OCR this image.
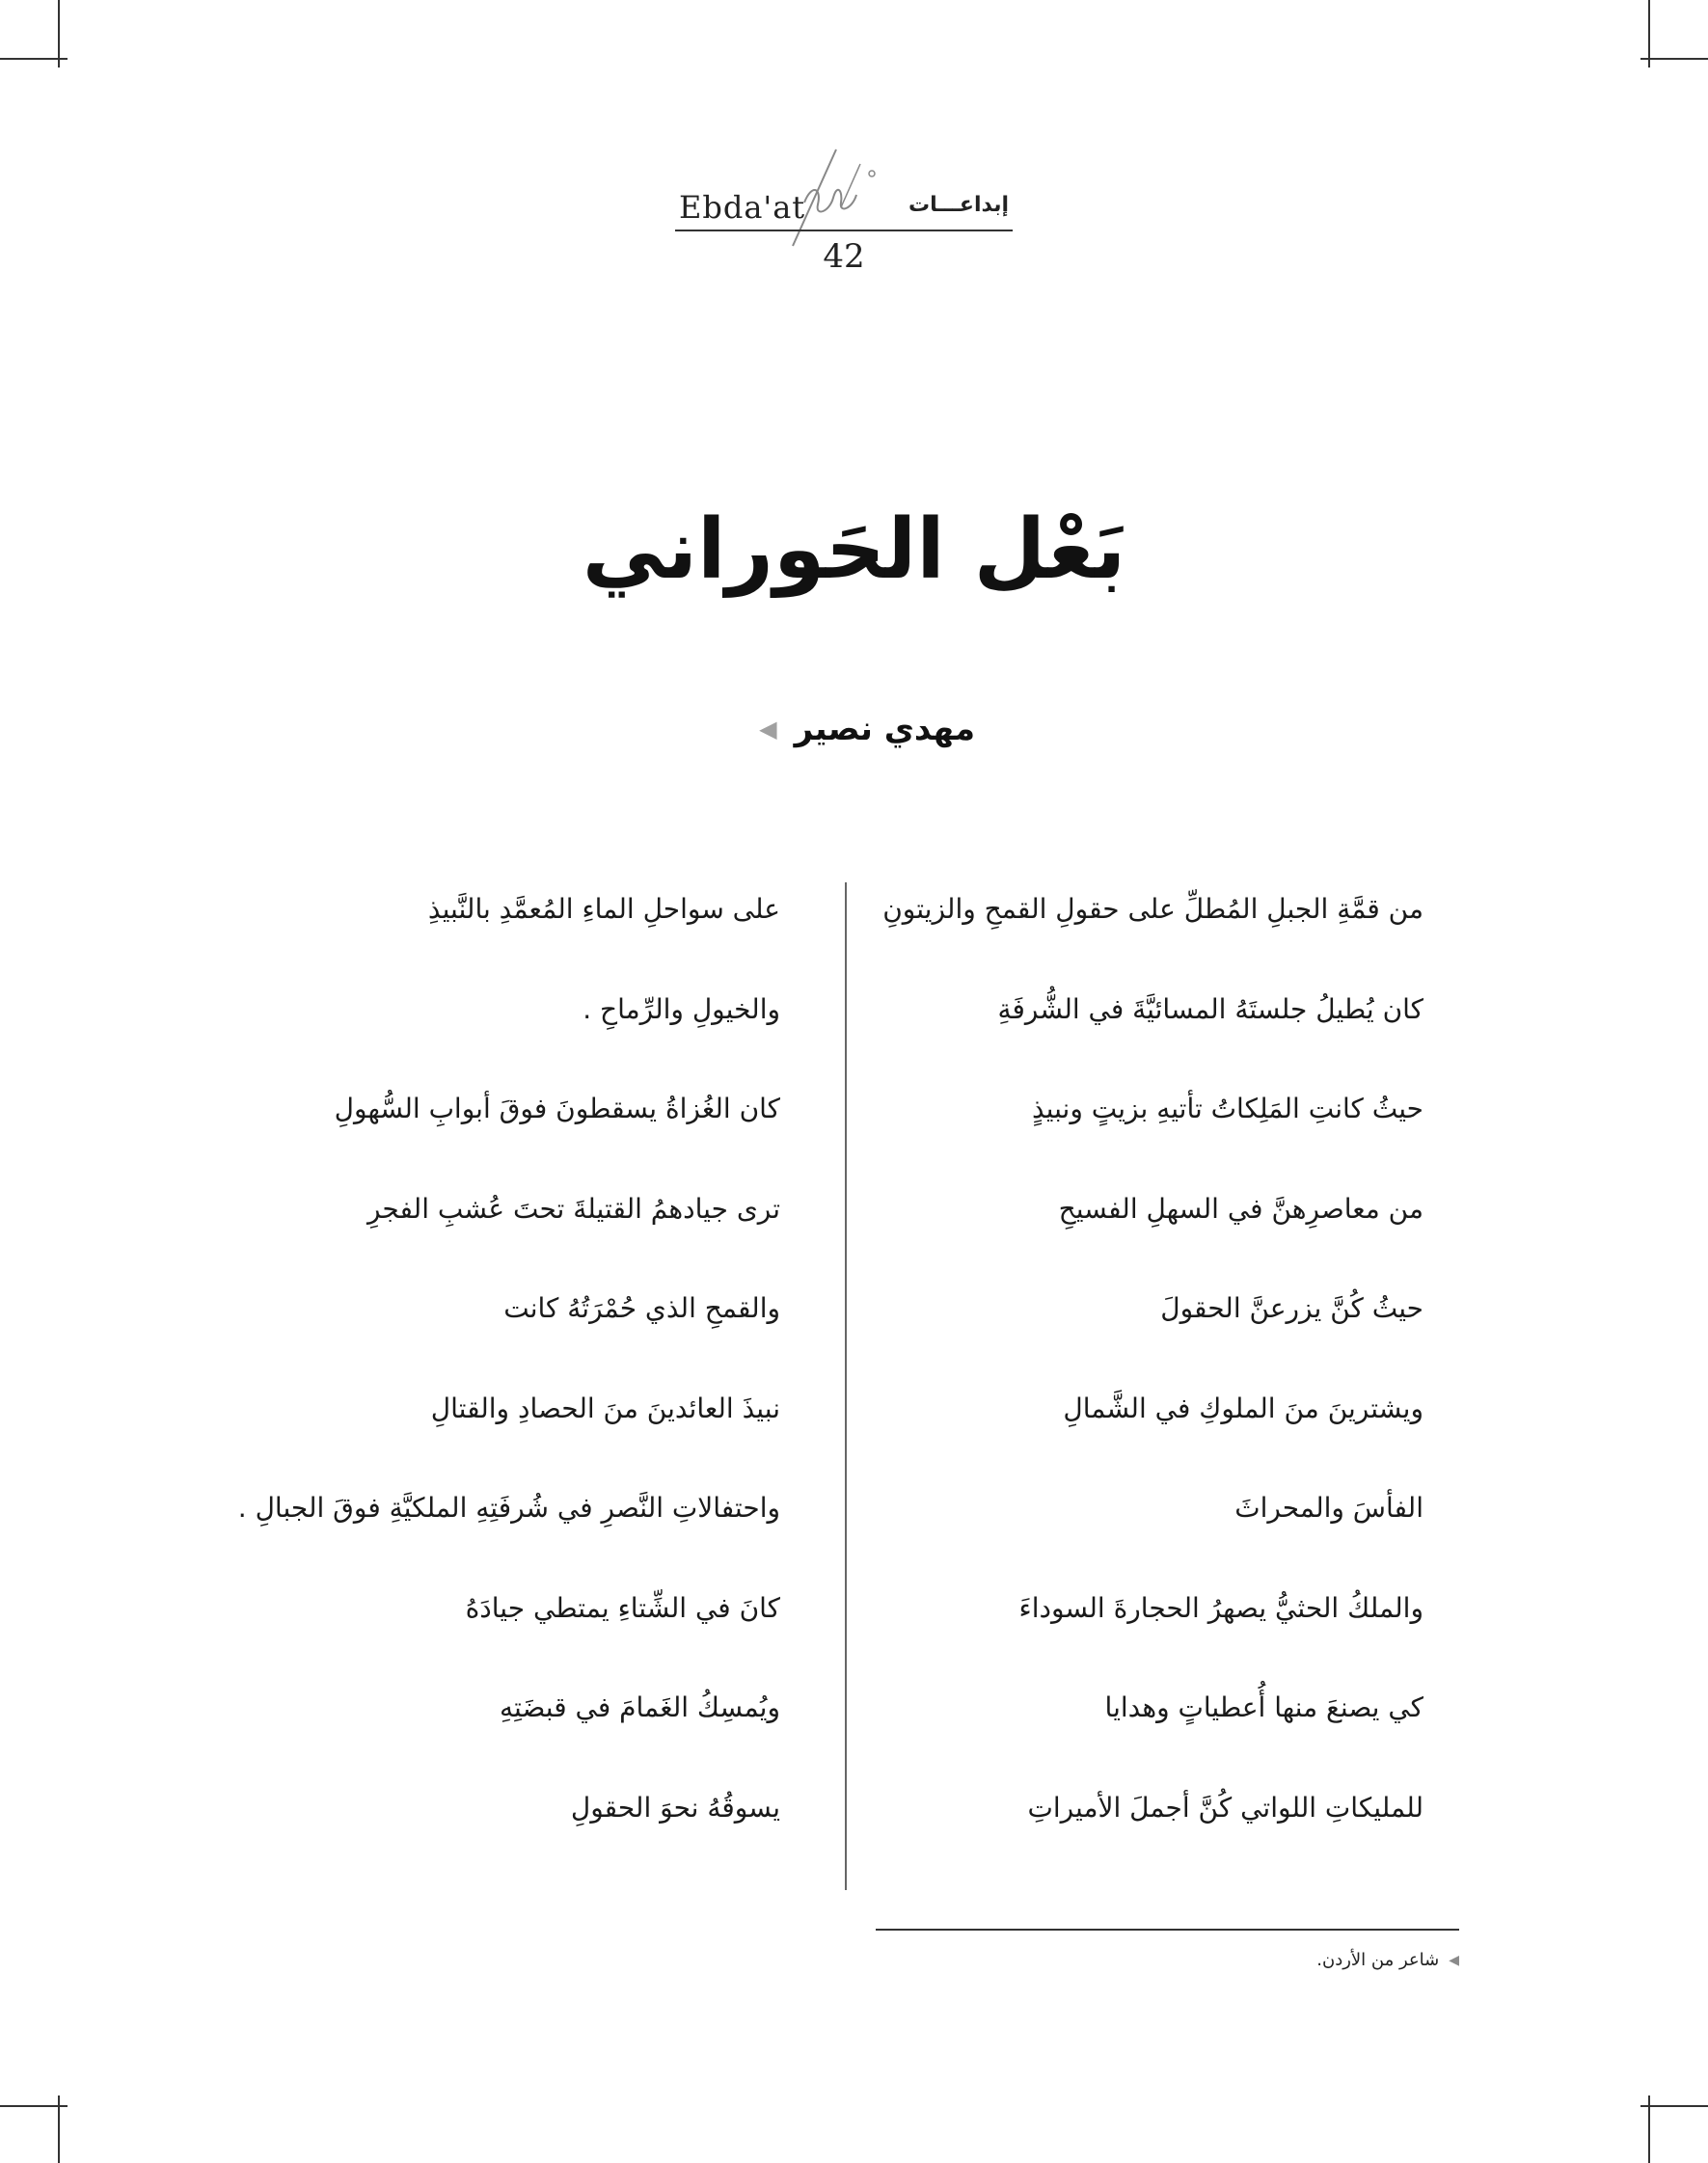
Ebda'at	إبداعـــات
42
بَعْل الحَوراني
مهدي نصير
◀
من قمَّةِ الجبلِ المُطلِّ على حقولِ القمحِ والزيتونِ
كان يُطيلُ جلستَهُ المسائيَّةَ في الشُّرفَةِ
حيثُ كانتِ المَلِكاتُ تأتيهِ بزيتٍ ونبيذٍ
من معاصرِهنَّ في السهلِ الفسيحِ
حيثُ كُنَّ يزرعنَّ الحقولَ
ويشترينَ منَ الملوكِ في الشَّمالِ
الفأسَ والمحراثَ
والملكُ الحثيُّ يصهرُ الحجارةَ السوداءَ
كي يصنعَ منها أُعطياتٍ وهدايا
للمليكاتِ اللواتي كُنَّ أجملَ الأميراتِ
على سواحلِ الماءِ المُعمَّدِ بالنَّبيذِ
والخيولِ والرِّماحِ .
كان الغُزاةُ يسقطونَ فوقَ أبوابِ السُّهولِ
ترى جيادهمُ القتيلةَ تحتَ عُشبِ الفجرِ
والقمحِ الذي حُمْرَتُهُ كانت
نبيذَ العائدينَ منَ الحصادِ والقتالِ
واحتفالاتِ النَّصرِ في شُرفَتِهِ الملكيَّةِ فوقَ الجبالِ .
كانَ في الشِّتاءِ يمتطي جيادَهُ
ويُمسِكُ الغَمامَ في قبضَتِهِ
يسوقُهُ نحوَ الحقولِ
◀
شاعر من الأردن.
